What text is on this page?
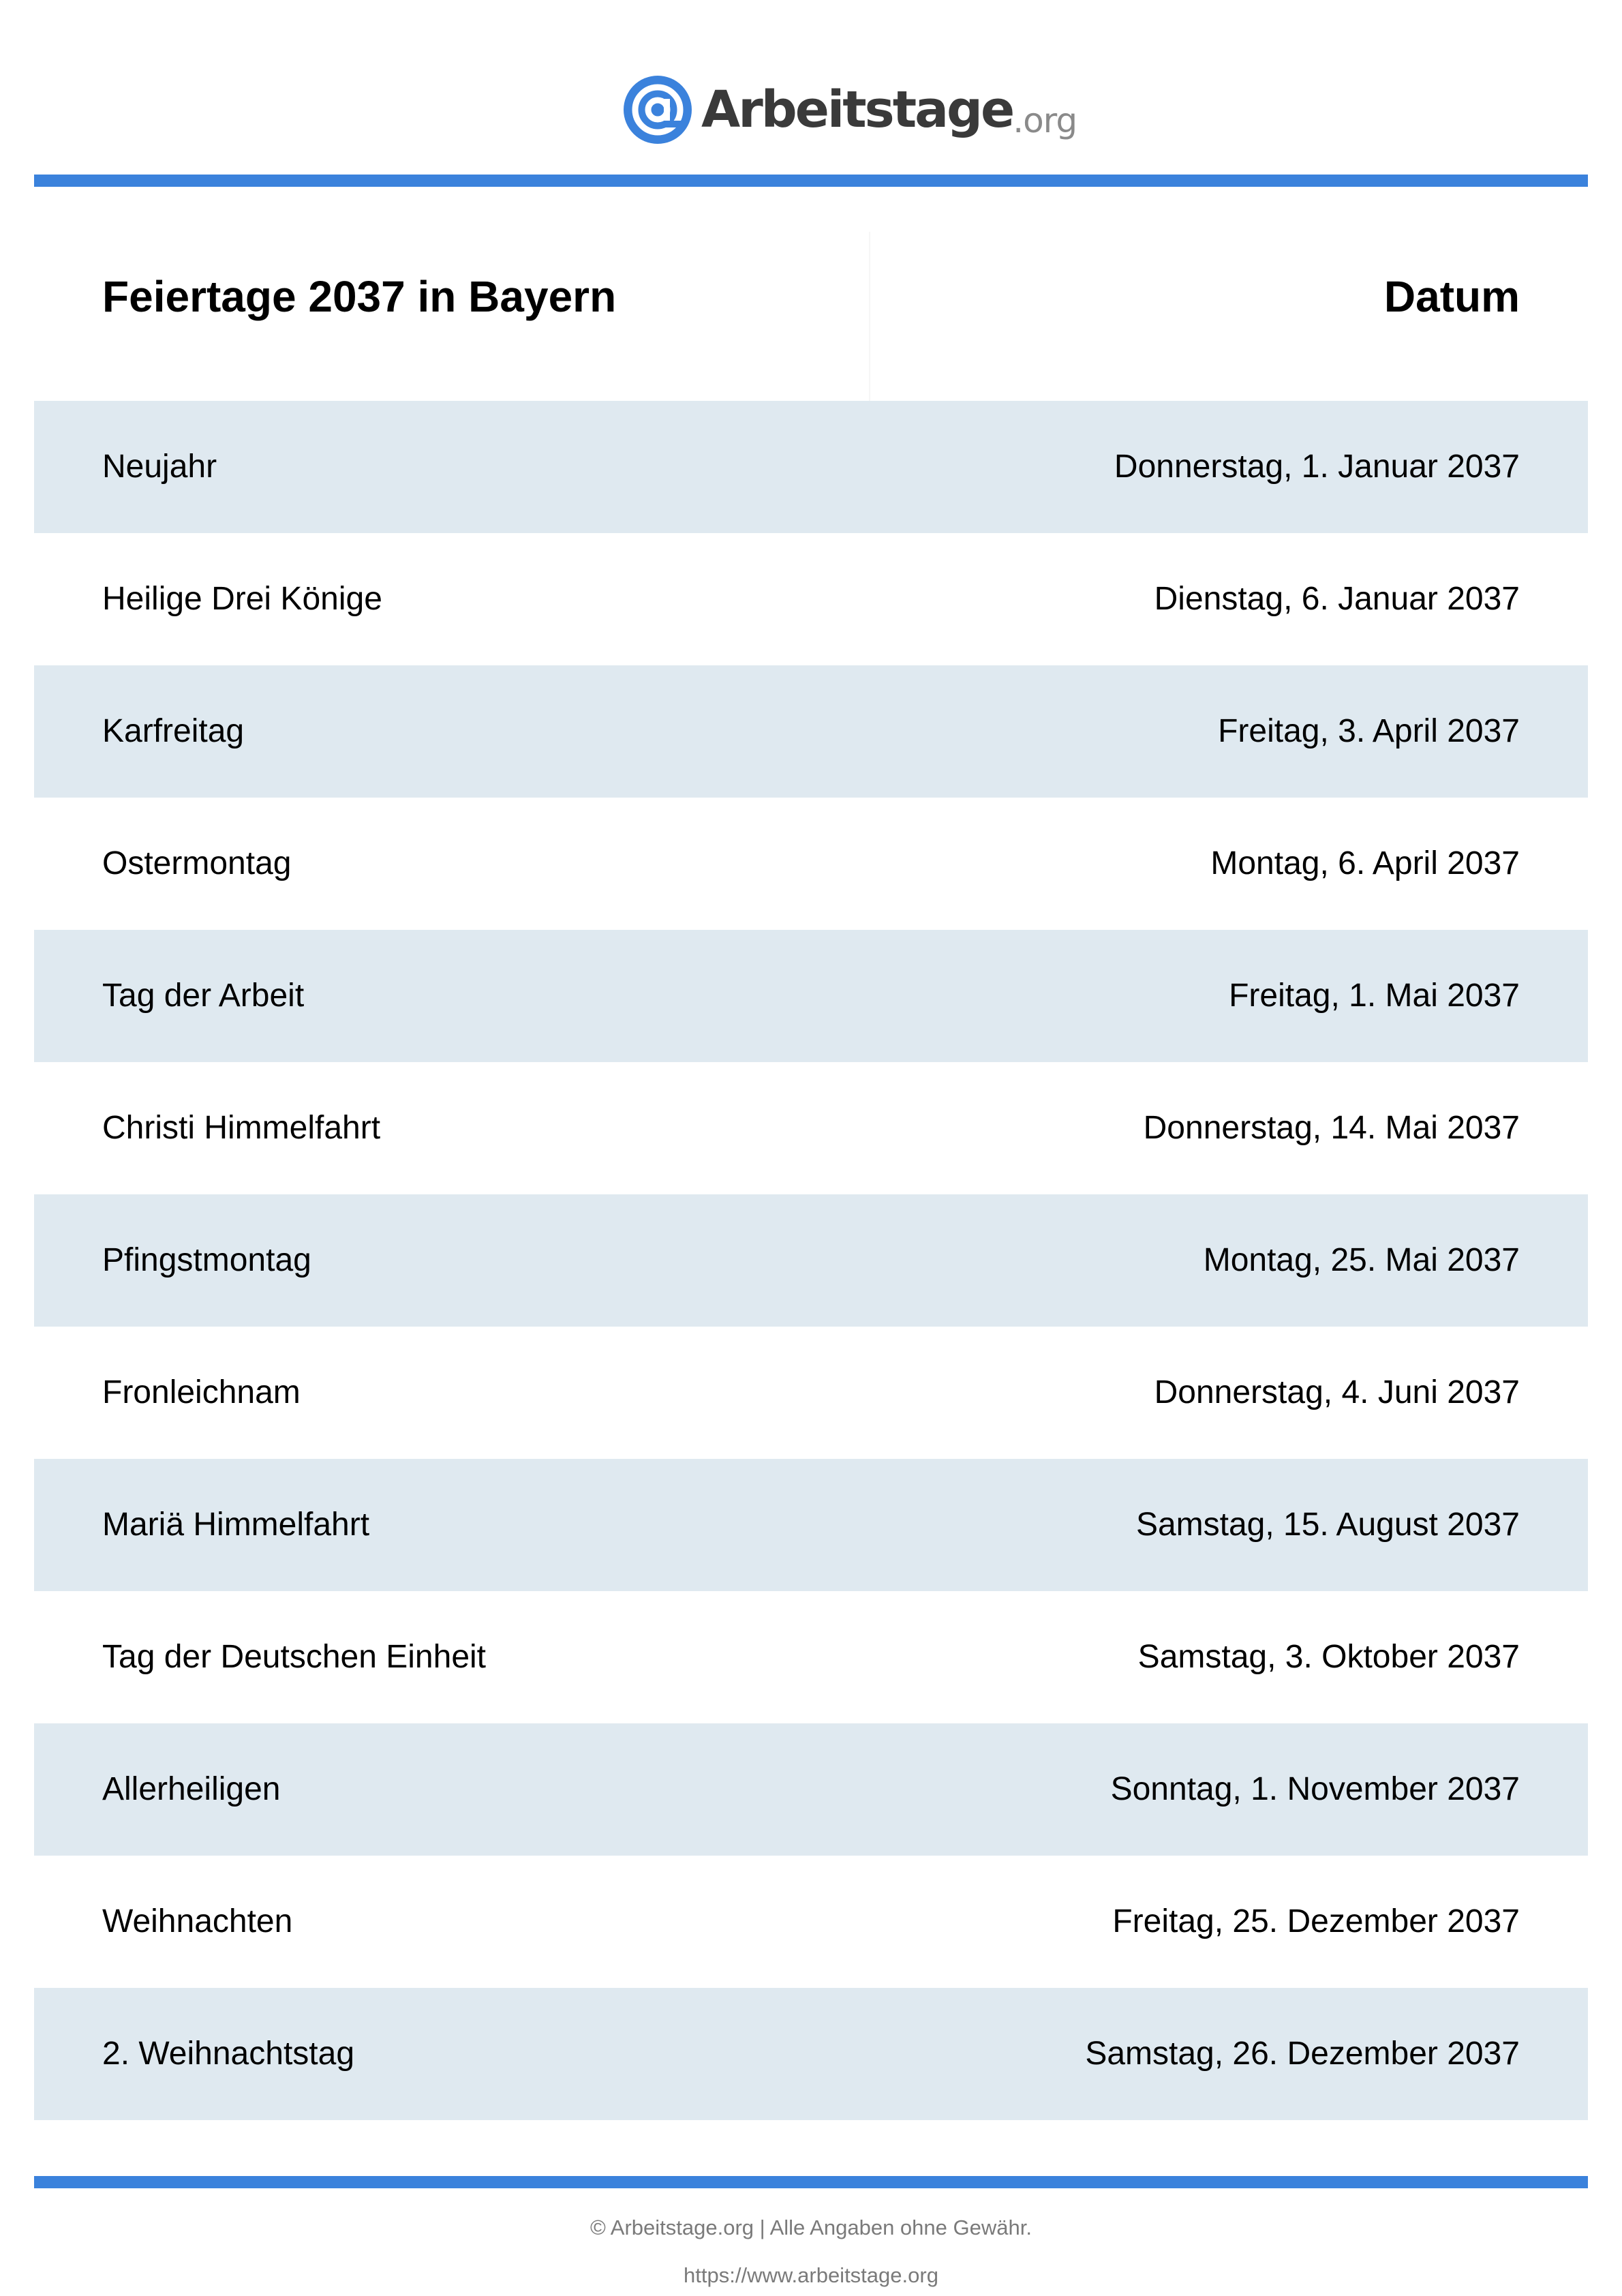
Arbeitstage .org
Feiertage 2037 in Bayern	Datum
Neujahr	Donnerstag, 1. Januar 2037
Heilige Drei Könige	Dienstag, 6. Januar 2037
Karfreitag	Freitag, 3. April 2037
Ostermontag	Montag, 6. April 2037
Tag der Arbeit	Freitag, 1. Mai 2037
Christi Himmelfahrt	Donnerstag, 14. Mai 2037
Pfingstmontag	Montag, 25. Mai 2037
Fronleichnam	Donnerstag, 4. Juni 2037
Mariä Himmelfahrt	Samstag, 15. August 2037
Tag der Deutschen Einheit	Samstag, 3. Oktober 2037
Allerheiligen	Sonntag, 1. November 2037
Weihnachten	Freitag, 25. Dezember 2037
2. Weihnachtstag	Samstag, 26. Dezember 2037
© Arbeitstage.org | Alle Angaben ohne Gewähr.
https://www.arbeitstage.org
